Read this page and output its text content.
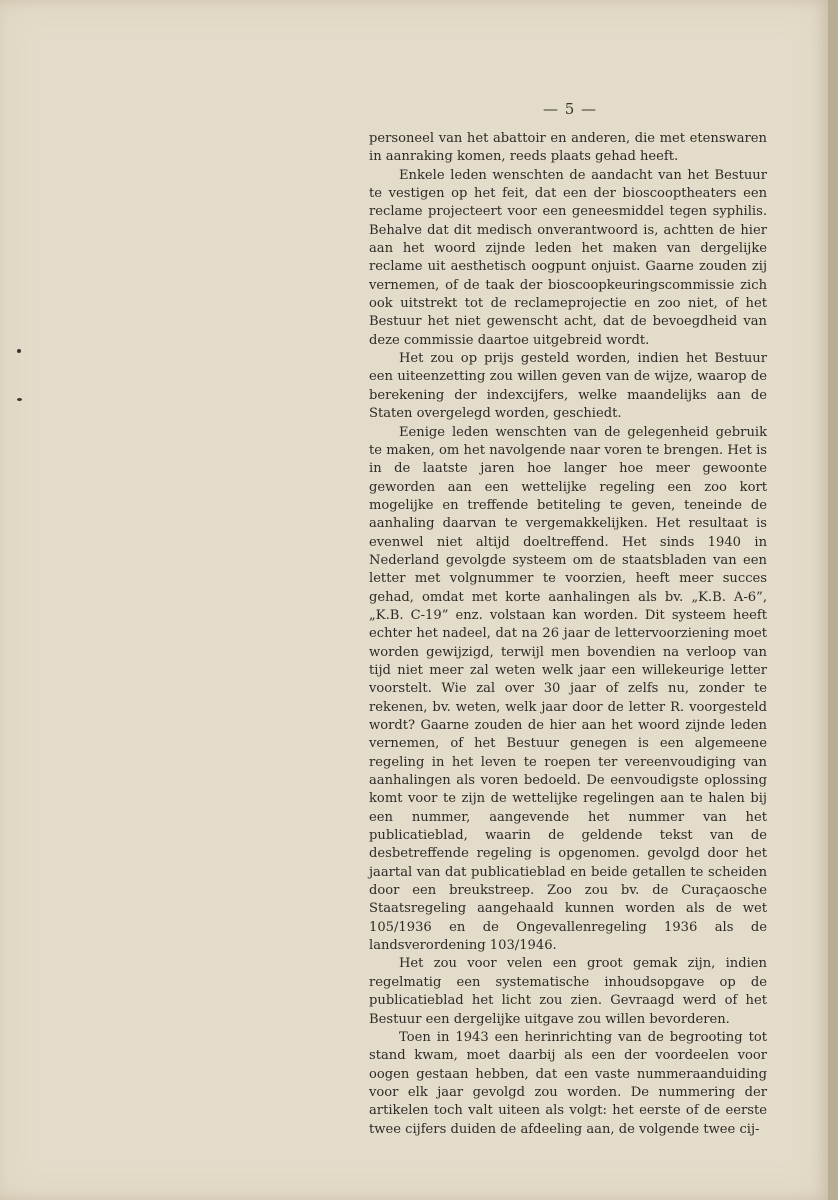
— 5 —

personeel van het abattoir en anderen, die met etenswaren in aanraking komen, reeds plaats gehad heeft.

Enkele leden wenschten de aandacht van het Bestuur te vestigen op het feit, dat een der bioscooptheaters een reclame projecteert voor een geneesmiddel tegen syphilis. Behalve dat dit medisch onverantwoord is, achtten de hier aan het woord zijnde leden het maken van dergelijke reclame uit aesthetisch oogpunt onjuist. Gaarne zouden zij vernemen, of de taak der bioscoopkeuringscommissie zich ook uitstrekt tot de reclameprojectie en zoo niet, of het Bestuur het niet gewenscht acht, dat de bevoegdheid van deze commissie daartoe uitgebreid wordt.

Het zou op prijs gesteld worden, indien het Bestuur een uiteenzetting zou willen geven van de wijze, waarop de berekening der indexcijfers, welke maandelijks aan de Staten overgelegd worden, geschiedt.

Eenige leden wenschten van de gelegenheid gebruik te maken, om het navolgende naar voren te brengen. Het is in de laatste jaren hoe langer hoe meer gewoonte geworden aan een wettelijke regeling een zoo kort mogelijke en treffende betiteling te geven, teneinde de aanhaling daarvan te vergemakkelijken. Het resultaat is evenwel niet altijd doeltreffend. Het sinds 1940 in Nederland gevolgde systeem om de staatsbladen van een letter met volgnummer te voorzien, heeft meer succes gehad, omdat met korte aanhalingen als bv. „K.B. A-6”, „K.B. C-19” enz. volstaan kan worden. Dit systeem heeft echter het nadeel, dat na 26 jaar de lettervoorziening moet worden gewijzigd, terwijl men bovendien na verloop van tijd niet meer zal weten welk jaar een willekeurige letter voorstelt. Wie zal over 30 jaar of zelfs nu, zonder te rekenen, bv. weten, welk jaar door de letter R. voorgesteld wordt? Gaarne zouden de hier aan het woord zijnde leden vernemen, of het Bestuur genegen is een algemeene regeling in het leven te roepen ter vereenvoudiging van aanhalingen als voren bedoeld. De eenvoudigste oplossing komt voor te zijn de wettelijke regelingen aan te halen bij een nummer, aangevende het nummer van het publicatieblad, waarin de geldende tekst van de desbetreffende regeling is opgenomen. gevolgd door het jaartal van dat publicatieblad en beide getallen te scheiden door een breukstreep. Zoo zou bv. de Curaçaosche Staatsregeling aangehaald kunnen worden als de wet 105/1936 en de Ongevallenregeling 1936 als de landsverordening 103/1946.

Het zou voor velen een groot gemak zijn, indien regelmatig een systematische inhoudsopgave op de publicatieblad het licht zou zien. Gevraagd werd of het Bestuur een dergelijke uitgave zou willen bevorderen.

Toen in 1943 een herinrichting van de begrooting tot stand kwam, moet daarbij als een der voordeelen voor oogen gestaan hebben, dat een vaste nummeraanduiding voor elk jaar gevolgd zou worden. De nummering der artikelen toch valt uiteen als volgt: het eerste of de eerste twee cijfers duiden de afdeeling aan, de volgende twee cij-
